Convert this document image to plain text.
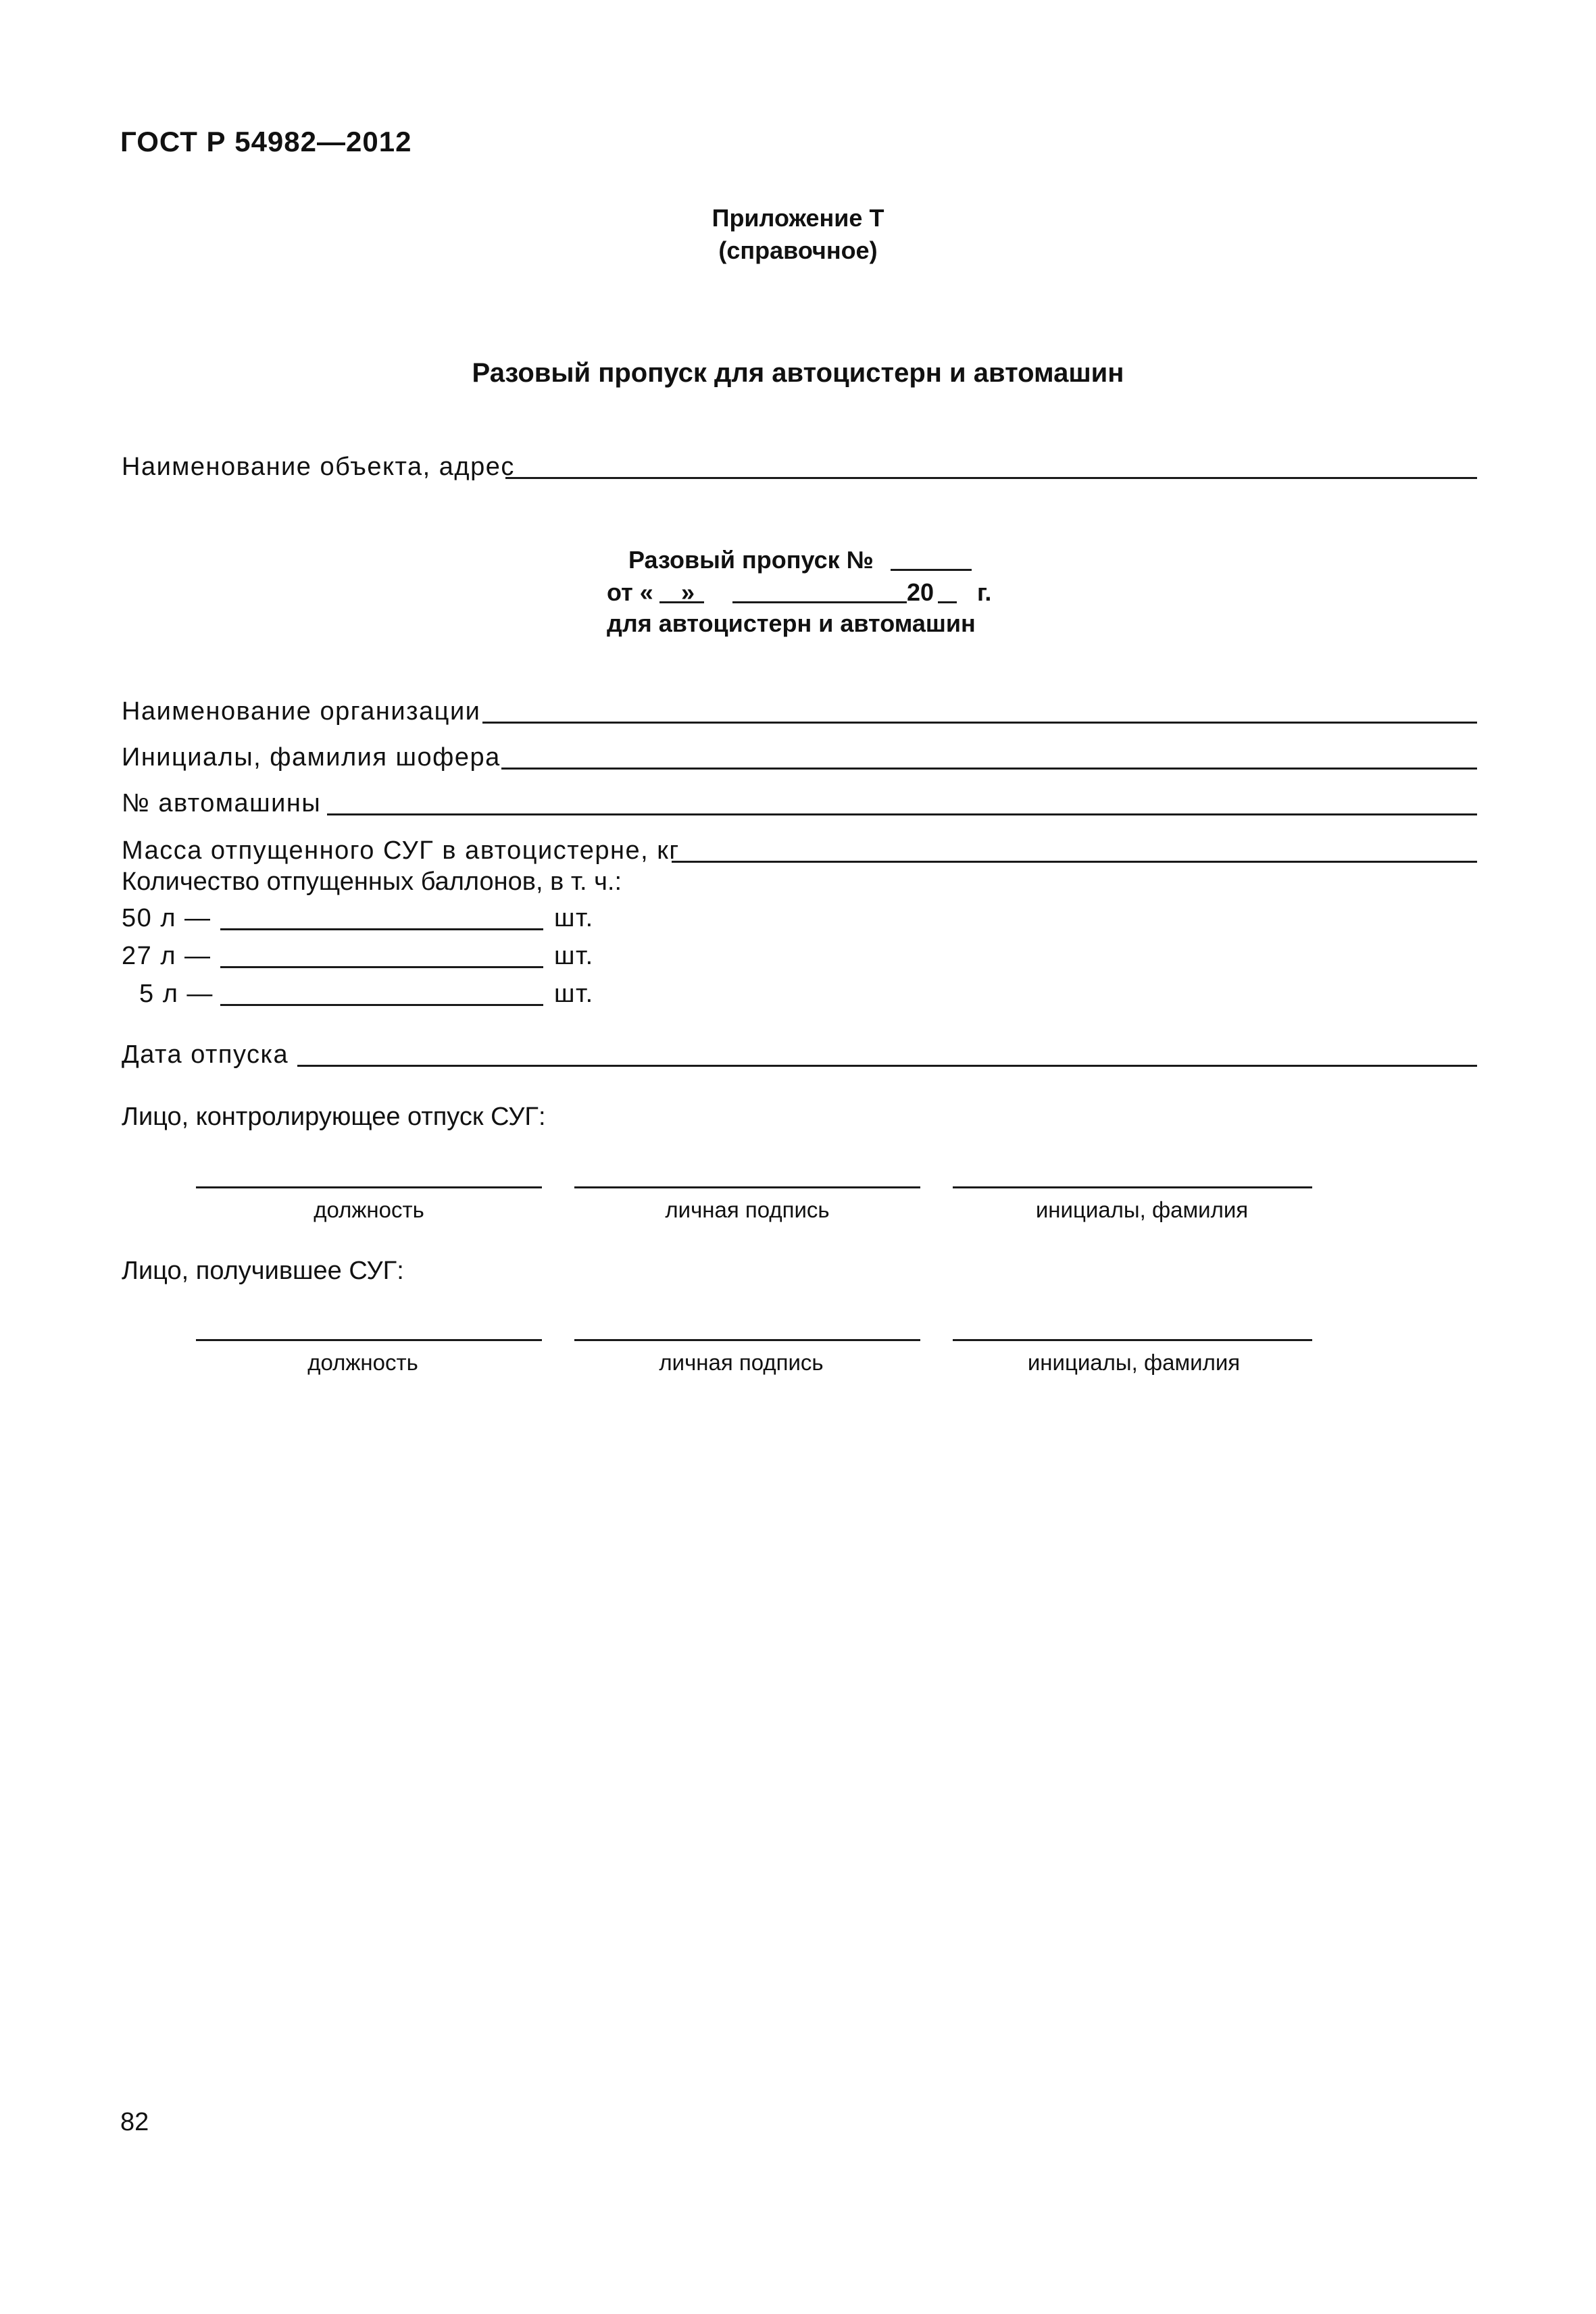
ГОСТ Р 54982—2012
Приложение Т
(справочное)
Разовый пропуск для автоцистерн и автомашин
Наименование объекта, адрес
Разовый пропуск №
от « »	20 г.
для автоцистерн и автомашин
Наименование организации
Инициалы, фамилия шофера
№ автомашины
Масса отпущенного СУГ в автоцистерне, кг
Количество отпущенных баллонов, в т. ч.:
50 л —	шт.
27 л —	шт.
5 л —	шт.
Дата отпуска
Лицо, контролирующее отпуск СУГ:
должность	личная подпись	инициалы, фамилия
Лицо, получившее СУГ:
должность	личная подпись	инициалы, фамилия
82
